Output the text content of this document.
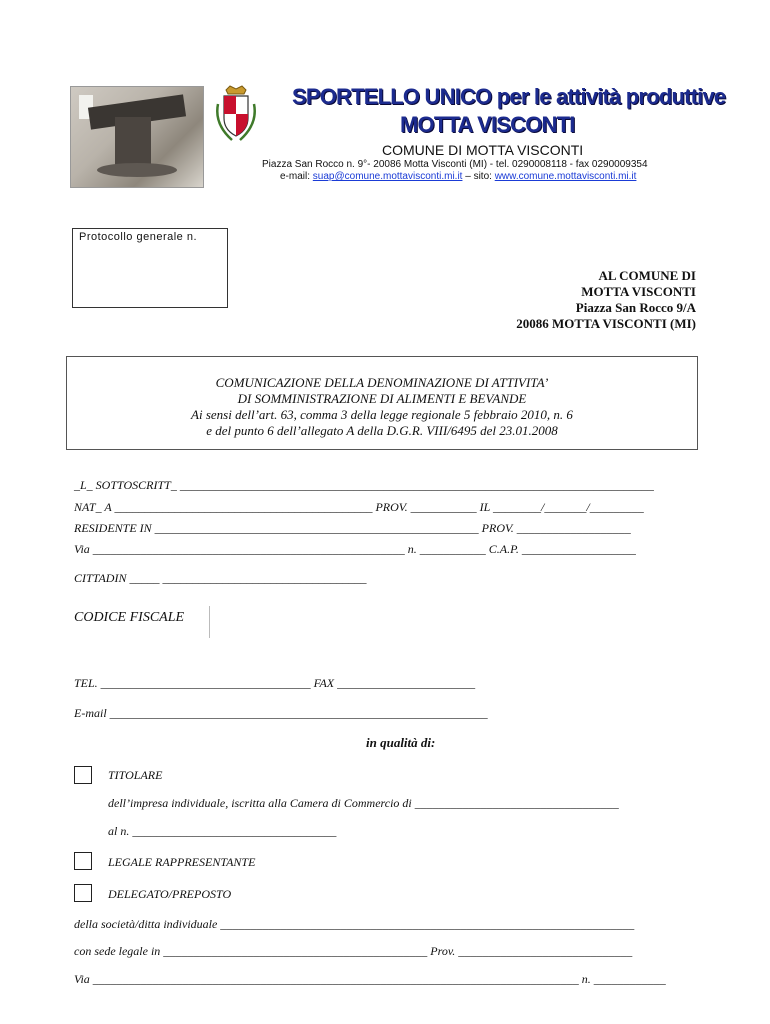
SPORTELLO UNICO per le attività produttive
MOTTA VISCONTI
COMUNE DI MOTTA VISCONTI
Piazza San Rocco n. 9°- 20086 Motta Visconti (MI) - tel. 0290008118 - fax 0290009354
e-mail: suap@comune.mottavisconti.mi.it – sito: www.comune.mottavisconti.mi.it
Protocollo generale n.
AL COMUNE DI
MOTTA VISCONTI
Piazza San Rocco 9/A
20086 MOTTA VISCONTI (MI)
COMUNICAZIONE DELLA DENOMINAZIONE DI ATTIVITA’
DI SOMMINISTRAZIONE DI ALIMENTI E BEVANDE
Ai sensi dell’art. 63, comma 3 della legge regionale 5 febbraio 2010, n. 6
e del punto 6 dell’allegato A della D.G.R. VIII/6495 del 23.01.2008
_L_ SOTTOSCRITT_ _______________________________________________________________________________
NAT_ A ___________________________________________ PROV. ___________ IL ________/_______/_________
RESIDENTE IN ______________________________________________________ PROV. ___________________
Via ____________________________________________________ n. ___________ C.A.P. ___________________
CITTADIN _____ __________________________________
CODICE FISCALE
TEL. ___________________________________ FAX _______________________
E-mail _______________________________________________________________
in qualità di:
TITOLARE
dell’impresa individuale, iscritta alla Camera di Commercio di __________________________________
al n. __________________________________
LEGALE RAPPRESENTANTE
DELEGATO/PREPOSTO
della società/ditta individuale _____________________________________________________________________
con sede legale in ____________________________________________ Prov. _____________________________
Via _________________________________________________________________________________ n. ____________
